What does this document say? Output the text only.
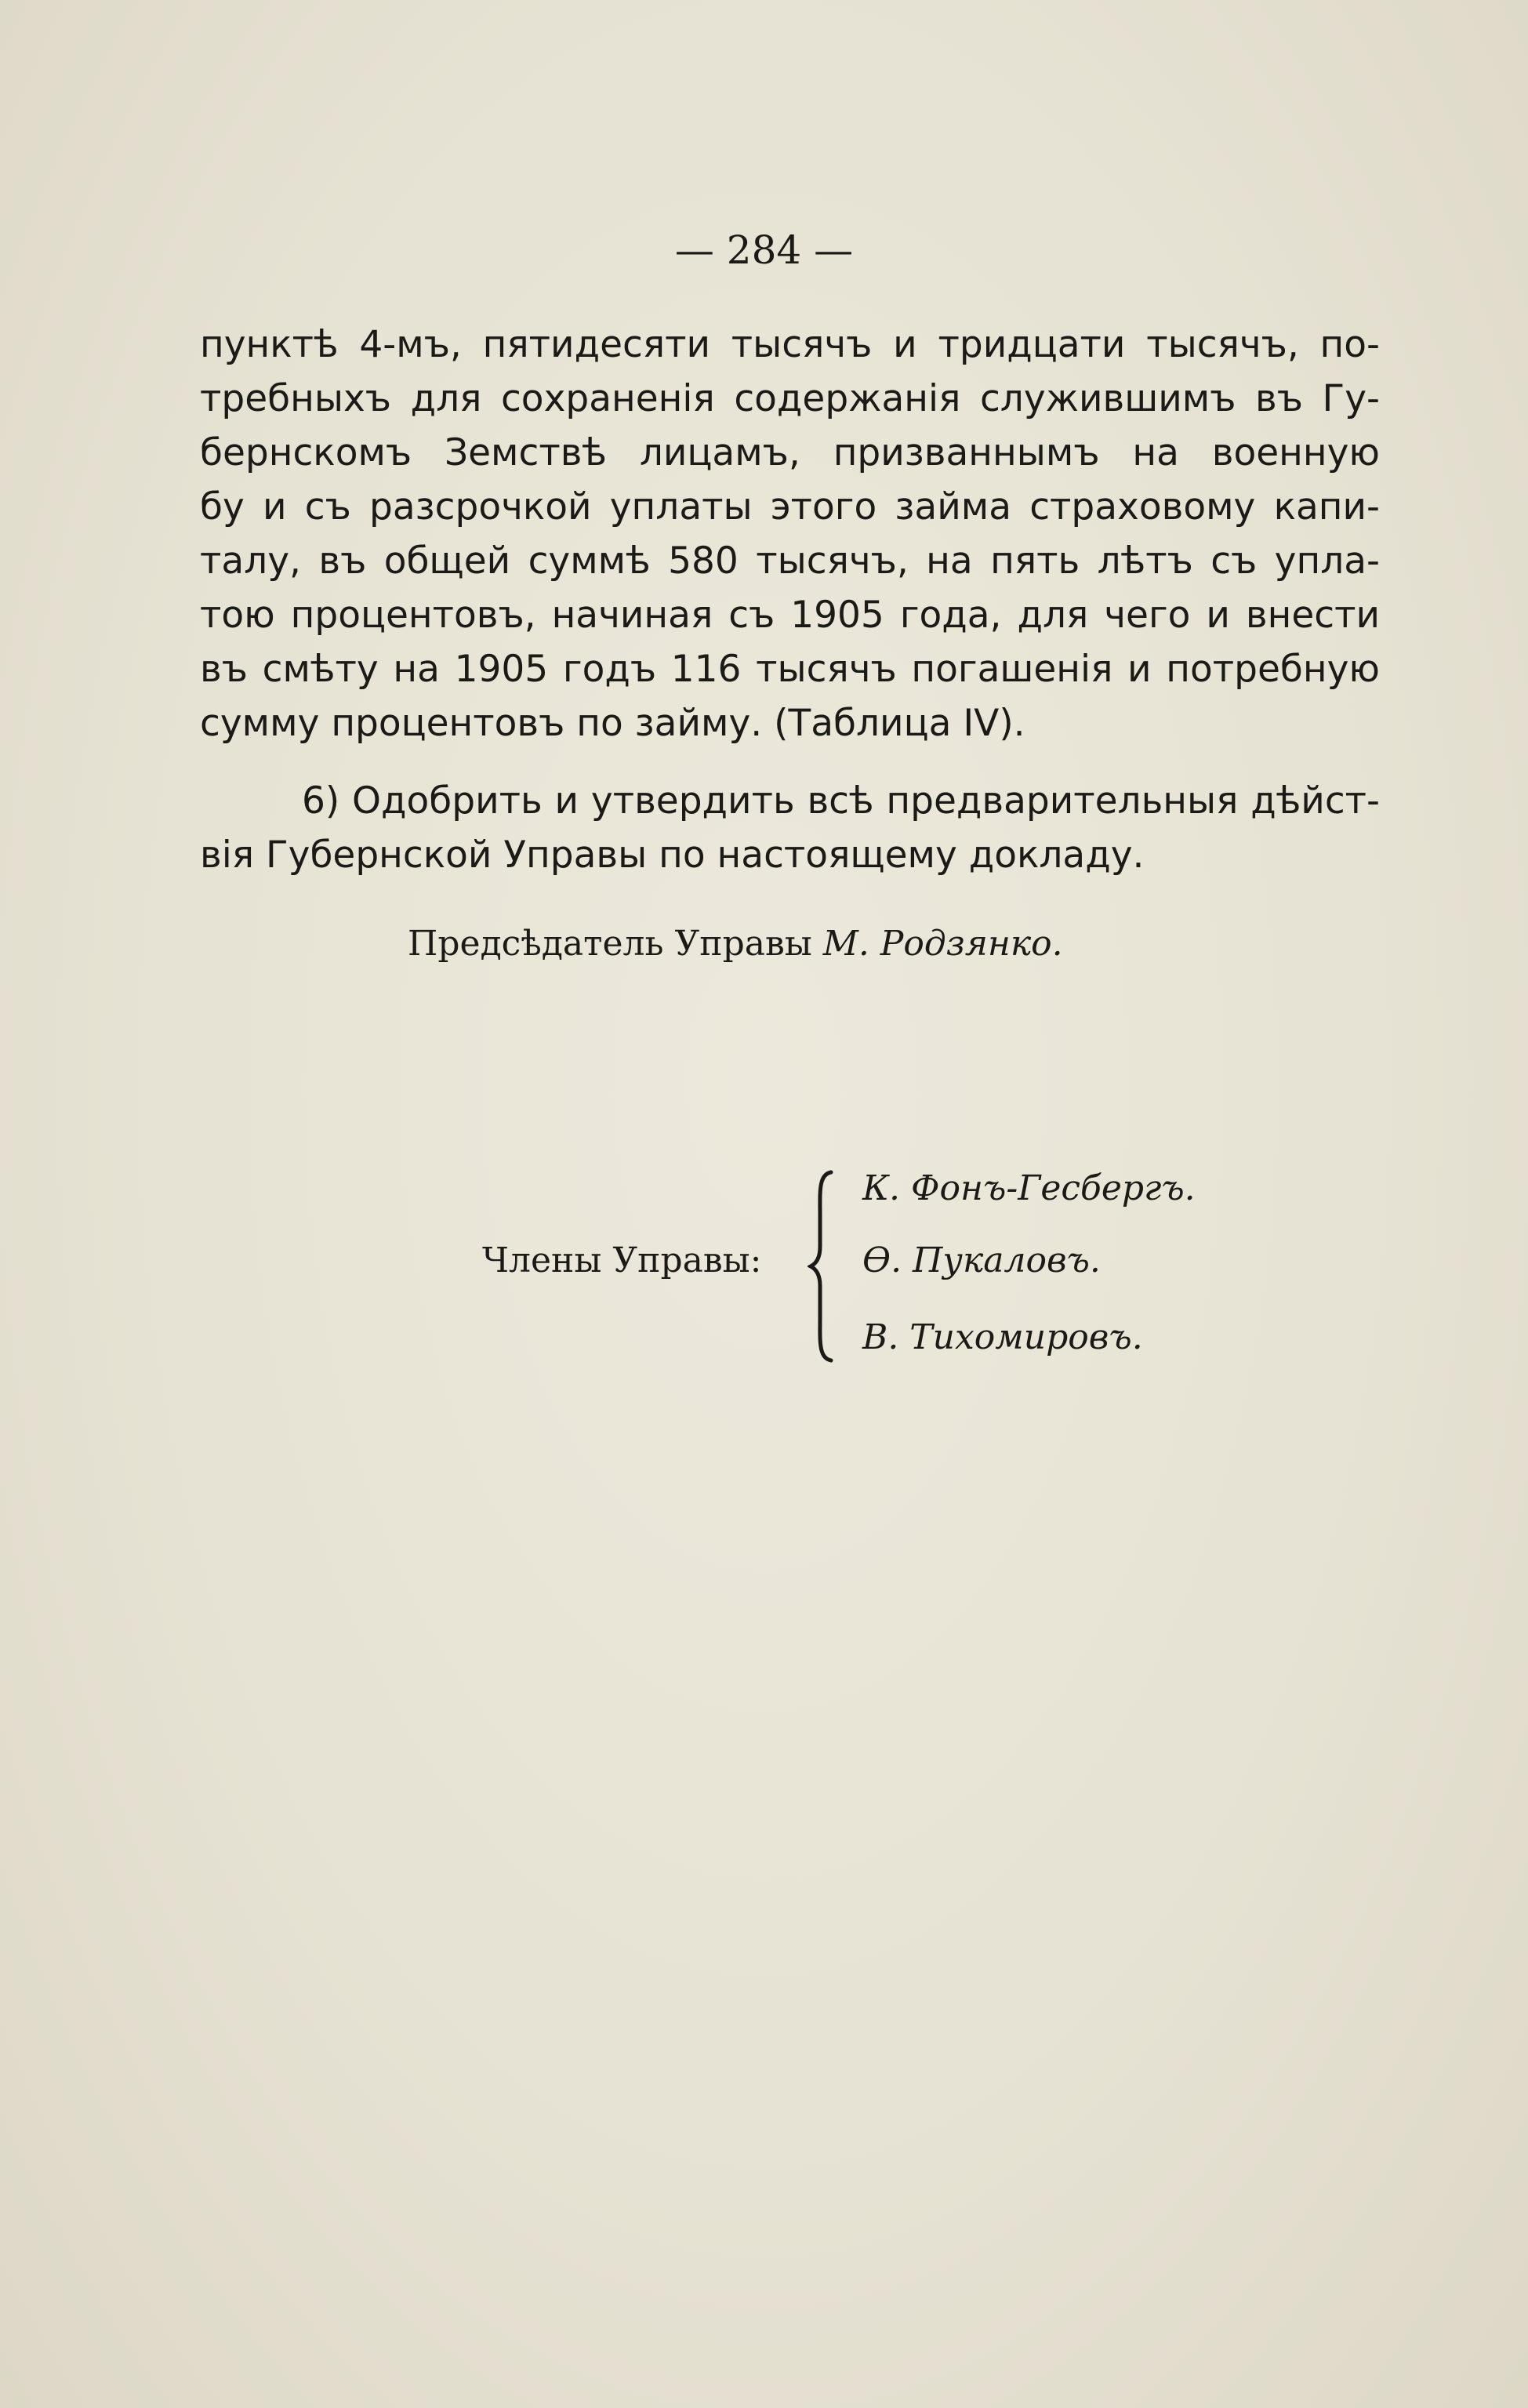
— 284 —
пунктѣ 4-мъ, пятидесяти тысячъ и тридцати тысячъ, по-
требныхъ для сохраненія содержанія служившимъ въ Гу-
бернскомъ Земствѣ лицамъ, призваннымъ на военную
бу и съ разсрочкой уплаты этого займа страховому капи-
талу, въ общей суммѣ 580 тысячъ, на пять лѣтъ съ упла-
тою процентовъ, начиная съ 1905 года, для чего и внести
въ смѣту на 1905 годъ 116 тысячъ погашенія и потребную
сумму процентовъ по займу. (Таблица IV).
6) Одобрить и утвердить всѣ предварительныя дѣйст-
вія Губернской Управы по настоящему докладу.
Предсѣдатель Управы М. Родзянко.
Члены Управы:
К. Фонъ-Гесбергъ.
Ѳ. Пукаловъ.
В. Тихомировъ.
